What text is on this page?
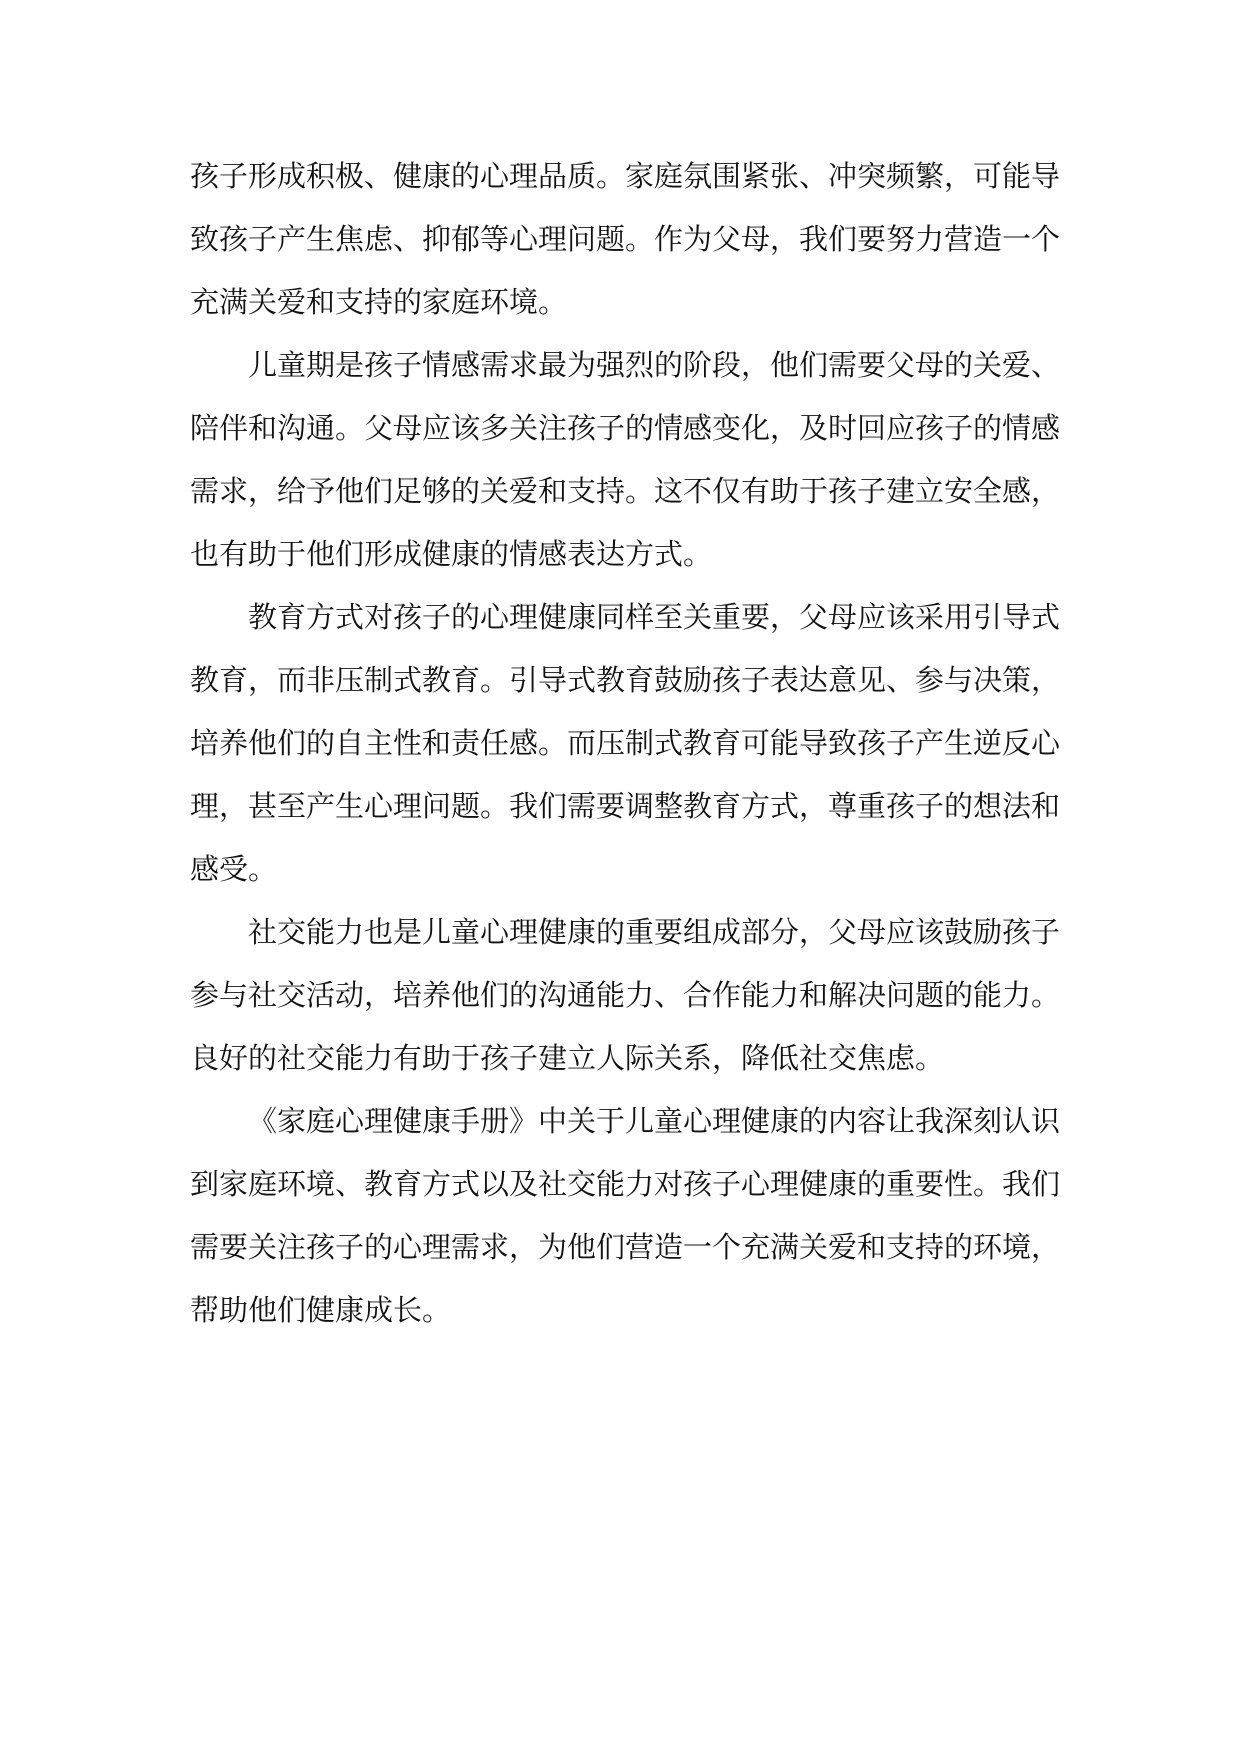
孩子形成积极、健康的心理品质。家庭氛围紧张、冲突频繁，可能导致孩子产生焦虑、抑郁等心理问题。作为父母，我们要努力营造一个充满关爱和支持的家庭环境。

儿童期是孩子情感需求最为强烈的阶段，他们需要父母的关爱、陪伴和沟通。父母应该多关注孩子的情感变化，及时回应孩子的情感需求，给予他们足够的关爱和支持。这不仅有助于孩子建立安全感，也有助于他们形成健康的情感表达方式。

教育方式对孩子的心理健康同样至关重要，父母应该采用引导式教育，而非压制式教育。引导式教育鼓励孩子表达意见、参与决策，培养他们的自主性和责任感。而压制式教育可能导致孩子产生逆反心理，甚至产生心理问题。我们需要调整教育方式，尊重孩子的想法和感受。

社交能力也是儿童心理健康的重要组成部分，父母应该鼓励孩子参与社交活动，培养他们的沟通能力、合作能力和解决问题的能力。良好的社交能力有助于孩子建立人际关系，降低社交焦虑。

《家庭心理健康手册》中关于儿童心理健康的内容让我深刻认识到家庭环境、教育方式以及社交能力对孩子心理健康的重要性。我们需要关注孩子的心理需求，为他们营造一个充满关爱和支持的环境，帮助他们健康成长。
